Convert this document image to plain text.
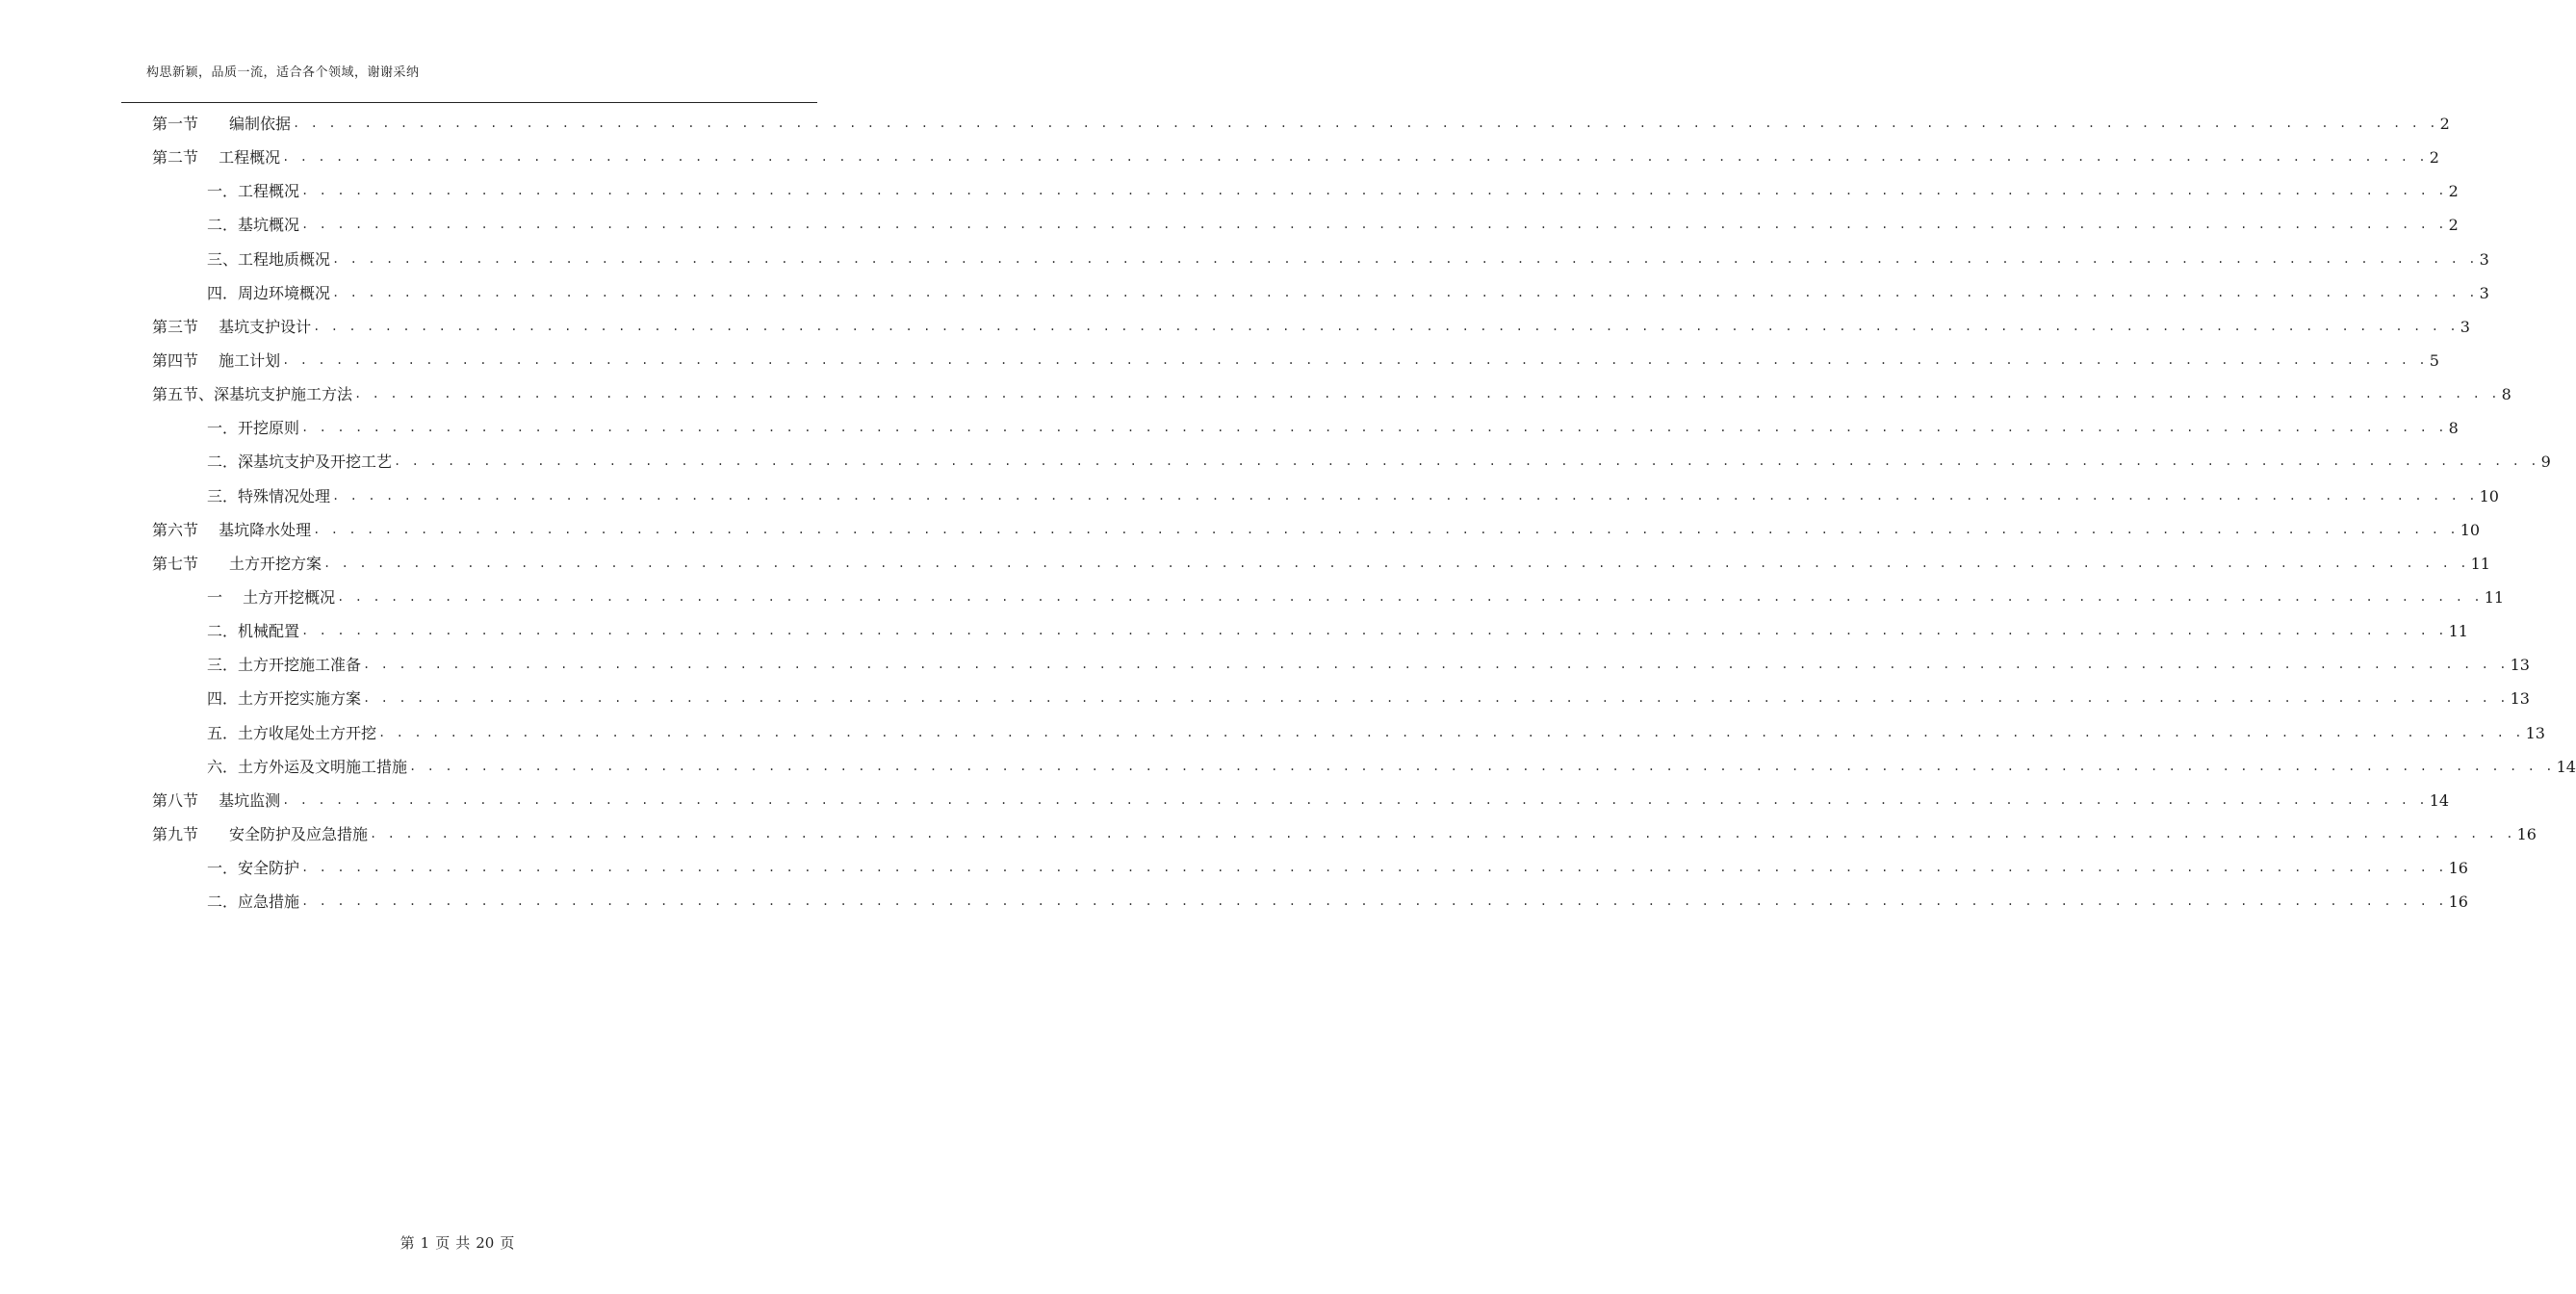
构思新颖，品质一流，适合各个领域，谢谢采纳
第一节　　编制依据 . . . . . . . . . . . . . . . . . . . . . . . . . . . . . . . . . . . . . . . . . . . . . . . . . . . . . . . . . . . . . . . . . . . . . . . . . . . . . . . . . . . . . . . . . . . . . . . . . . . . . . . . . . . . . . . . . . . . . . . . 2
第二节　 工程概况 . . . . . . . . . . . . . . . . . . . . . . . . . . . . . . . . . . . . . . . . . . . . . . . . . . . . . . . . . . . . . . . . . . . . . . . . . . . . . . . . . . . . . . . . . . . . . . . . . . . . . . . . . . . . . . . . . . . . . . . . 2
一．工程概况 . . . . . . . . . . . . . . . . . . . . . . . . . . . . . . . . . . . . . . . . . . . . . . . . . . . . . . . . . . . . . . . . . . . . . . . . . . . . . . . . . . . . . . . . . . . . . . . . . . . . . . . . . . . . . . . . . . . . . . . . 2
二．基坑概况 . . . . . . . . . . . . . . . . . . . . . . . . . . . . . . . . . . . . . . . . . . . . . . . . . . . . . . . . . . . . . . . . . . . . . . . . . . . . . . . . . . . . . . . . . . . . . . . . . . . . . . . . . . . . . . . . . . . . . . . . 2
三、工程地质概况 . . . . . . . . . . . . . . . . . . . . . . . . . . . . . . . . . . . . . . . . . . . . . . . . . . . . . . . . . . . . . . . . . . . . . . . . . . . . . . . . . . . . . . . . . . . . . . . . . . . . . . . . . . . . . . . . . . . . . . . . 3
四．周边环境概况 . . . . . . . . . . . . . . . . . . . . . . . . . . . . . . . . . . . . . . . . . . . . . . . . . . . . . . . . . . . . . . . . . . . . . . . . . . . . . . . . . . . . . . . . . . . . . . . . . . . . . . . . . . . . . . . . . . . . . . . . 3
第三节　 基坑支护设计 . . . . . . . . . . . . . . . . . . . . . . . . . . . . . . . . . . . . . . . . . . . . . . . . . . . . . . . . . . . . . . . . . . . . . . . . . . . . . . . . . . . . . . . . . . . . . . . . . . . . . . . . . . . . . . . . . . . . . . . . 3
第四节　 施工计划 . . . . . . . . . . . . . . . . . . . . . . . . . . . . . . . . . . . . . . . . . . . . . . . . . . . . . . . . . . . . . . . . . . . . . . . . . . . . . . . . . . . . . . . . . . . . . . . . . . . . . . . . . . . . . . . . . . . . . . . . 5
第五节、深基坑支护施工方法 . . . . . . . . . . . . . . . . . . . . . . . . . . . . . . . . . . . . . . . . . . . . . . . . . . . . . . . . . . . . . . . . . . . . . . . . . . . . . . . . . . . . . . . . . . . . . . . . . . . . . . . . . . . . . . . . . . . . . . . . 8
一．开挖原则 . . . . . . . . . . . . . . . . . . . . . . . . . . . . . . . . . . . . . . . . . . . . . . . . . . . . . . . . . . . . . . . . . . . . . . . . . . . . . . . . . . . . . . . . . . . . . . . . . . . . . . . . . . . . . . . . . . . . . . . . 8
二．深基坑支护及开挖工艺 . . . . . . . . . . . . . . . . . . . . . . . . . . . . . . . . . . . . . . . . . . . . . . . . . . . . . . . . . . . . . . . . . . . . . . . . . . . . . . . . . . . . . . . . . . . . . . . . . . . . . . . . . . . . . . . . . . . . . . . . 9
三．特殊情况处理 . . . . . . . . . . . . . . . . . . . . . . . . . . . . . . . . . . . . . . . . . . . . . . . . . . . . . . . . . . . . . . . . . . . . . . . . . . . . . . . . . . . . . . . . . . . . . . . . . . . . . . . . . . . . . . . . . . . . . . . . 10
第六节　 基坑降水处理 . . . . . . . . . . . . . . . . . . . . . . . . . . . . . . . . . . . . . . . . . . . . . . . . . . . . . . . . . . . . . . . . . . . . . . . . . . . . . . . . . . . . . . . . . . . . . . . . . . . . . . . . . . . . . . . . . . . . . . . . 10
第七节　　土方开挖方案 . . . . . . . . . . . . . . . . . . . . . . . . . . . . . . . . . . . . . . . . . . . . . . . . . . . . . . . . . . . . . . . . . . . . . . . . . . . . . . . . . . . . . . . . . . . . . . . . . . . . . . . . . . . . . . . . . . . . . . . . 11
一　 土方开挖概况 . . . . . . . . . . . . . . . . . . . . . . . . . . . . . . . . . . . . . . . . . . . . . . . . . . . . . . . . . . . . . . . . . . . . . . . . . . . . . . . . . . . . . . . . . . . . . . . . . . . . . . . . . . . . . . . . . . . . . . . . 11
二．机械配置 . . . . . . . . . . . . . . . . . . . . . . . . . . . . . . . . . . . . . . . . . . . . . . . . . . . . . . . . . . . . . . . . . . . . . . . . . . . . . . . . . . . . . . . . . . . . . . . . . . . . . . . . . . . . . . . . . . . . . . . . 11
三．土方开挖施工准备 . . . . . . . . . . . . . . . . . . . . . . . . . . . . . . . . . . . . . . . . . . . . . . . . . . . . . . . . . . . . . . . . . . . . . . . . . . . . . . . . . . . . . . . . . . . . . . . . . . . . . . . . . . . . . . . . . . . . . . . . 13
四．土方开挖实施方案 . . . . . . . . . . . . . . . . . . . . . . . . . . . . . . . . . . . . . . . . . . . . . . . . . . . . . . . . . . . . . . . . . . . . . . . . . . . . . . . . . . . . . . . . . . . . . . . . . . . . . . . . . . . . . . . . . . . . . . . . 13
五．土方收尾处土方开挖 . . . . . . . . . . . . . . . . . . . . . . . . . . . . . . . . . . . . . . . . . . . . . . . . . . . . . . . . . . . . . . . . . . . . . . . . . . . . . . . . . . . . . . . . . . . . . . . . . . . . . . . . . . . . . . . . . . . . . . . . 13
六．土方外运及文明施工措施 . . . . . . . . . . . . . . . . . . . . . . . . . . . . . . . . . . . . . . . . . . . . . . . . . . . . . . . . . . . . . . . . . . . . . . . . . . . . . . . . . . . . . . . . . . . . . . . . . . . . . . . . . . . . . . . . . . . . . . . . 14
第八节　 基坑监测 . . . . . . . . . . . . . . . . . . . . . . . . . . . . . . . . . . . . . . . . . . . . . . . . . . . . . . . . . . . . . . . . . . . . . . . . . . . . . . . . . . . . . . . . . . . . . . . . . . . . . . . . . . . . . . . . . . . . . . . . 14
第九节　　安全防护及应急措施 . . . . . . . . . . . . . . . . . . . . . . . . . . . . . . . . . . . . . . . . . . . . . . . . . . . . . . . . . . . . . . . . . . . . . . . . . . . . . . . . . . . . . . . . . . . . . . . . . . . . . . . . . . . . . . . . . . . . . . . . 16
一．安全防护 . . . . . . . . . . . . . . . . . . . . . . . . . . . . . . . . . . . . . . . . . . . . . . . . . . . . . . . . . . . . . . . . . . . . . . . . . . . . . . . . . . . . . . . . . . . . . . . . . . . . . . . . . . . . . . . . . . . . . . . . 16
二．应急措施 . . . . . . . . . . . . . . . . . . . . . . . . . . . . . . . . . . . . . . . . . . . . . . . . . . . . . . . . . . . . . . . . . . . . . . . . . . . . . . . . . . . . . . . . . . . . . . . . . . . . . . . . . . . . . . . . . . . . . . . . 16
第 1 页 共 20 页
